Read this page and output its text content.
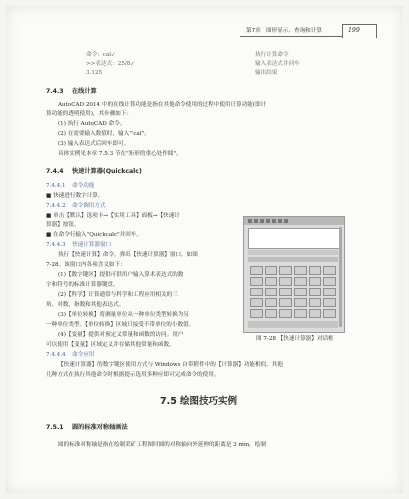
第7章 图形显示、查询和计算	199
命令：cal↙
>>表达式：25/8↙
3.125
执行计算命令
输入表达式并回车
输出结果
7.4.3 在线计算
AutoCAD 2014 中的在线计算功能是指在其他命令使用的过程中使用计算功能(即计
算功能的透明使用)，其步骤如下：
(1) 执行 AutoCAD 命令。
(2) 在需要输入数值时，输入"'cal"。
(3) 输入表达式后回车即可。
具体实例见本章 7.5.3 节在"矩形的重心处作圆"。
7.4.4 快速计算器(Quickcalc)
7.4.4.1 命令功能
■ 快速进行数字计算。
7.4.4.2 命令调用方式
■ 单击【默认】选项卡→【实用工具】面板→【快速计
算器】按钮。
■ 在命令行输入"Quickcalc"并回车。
7.4.4.3 快速计算器窗口
执行【快速计算】命令，弹出【快速计算器】窗口，如图
7-28。该窗口内各项含义如下：
(1)【数字键区】提供可供用户输入算术表达式的数
字和符号的标准计算器键盘。
(2)【科学】计算通常与科学和工程应用相关的三
角、对数、指数和其他表达式。
(3)【单位转换】将测量单位从一种单位类型转换为另
一种单位类型。【单位转换】区域只接受不带单位的小数值。
(4)【变量】提供对预定义常量和函数的访问。用户
可以使用【变量】区域定义并存储其他常量和函数。
7.4.4.4 命令应用
【快速计算器】的数字键区使用方式与 Windows 自带附件中的【计算器】功能相似。其他
几种方式在执行其他命令时根据提示选用多种应即可完成命令的使用。
图 7-28 【快速计算器】对话框
7.5 绘图技巧实例
7.5.1 圆的标准对称轴画法
圆的标准对称轴是指在绘制采矿工程图时圆的对称轴向外延伸的距离是 3 mm。绘制
